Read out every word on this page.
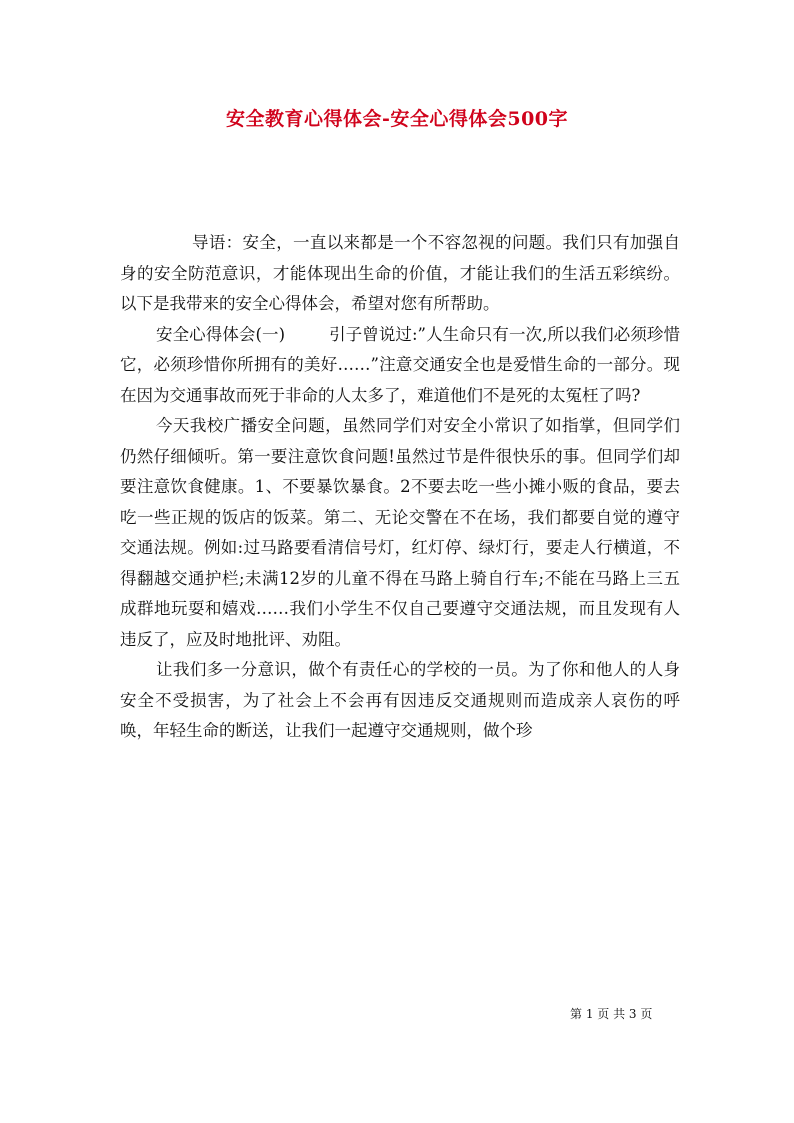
安全教育心得体会-安全心得体会500字

导语：安全，一直以来都是一个不容忽视的问题。我们只有加强自身的安全防范意识，才能体现出生命的价值，才能让我们的生活五彩缤纷。以下是我带来的安全心得体会，希望对您有所帮助。

安全心得体会(一)	引子曾说过:”人生命只有一次,所以我们必须珍惜它，必须珍惜你所拥有的美好……”注意交通安全也是爱惜生命的一部分。现在因为交通事故而死于非命的人太多了，难道他们不是死的太冤枉了吗?

今天我校广播安全问题，虽然同学们对安全小常识了如指掌，但同学们仍然仔细倾听。第一要注意饮食问题!虽然过节是件很快乐的事。但同学们却要注意饮食健康。1、不要暴饮暴食。2不要去吃一些小摊小贩的食品，要去吃一些正规的饭店的饭菜。第二、无论交警在不在场，我们都要自觉的遵守交通法规。例如:过马路要看清信号灯，红灯停、绿灯行，要走人行横道，不得翻越交通护栏;未满12岁的儿童不得在马路上骑自行车;不能在马路上三五成群地玩耍和嬉戏……我们小学生不仅自己要遵守交通法规，而且发现有人违反了，应及时地批评、劝阻。

让我们多一分意识，做个有责任心的学校的一员。为了你和他人的人身安全不受损害，为了社会上不会再有因违反交通规则而造成亲人哀伤的呼唤，年轻生命的断送，让我们一起遵守交通规则，做个珍

第 1 页 共 3 页
